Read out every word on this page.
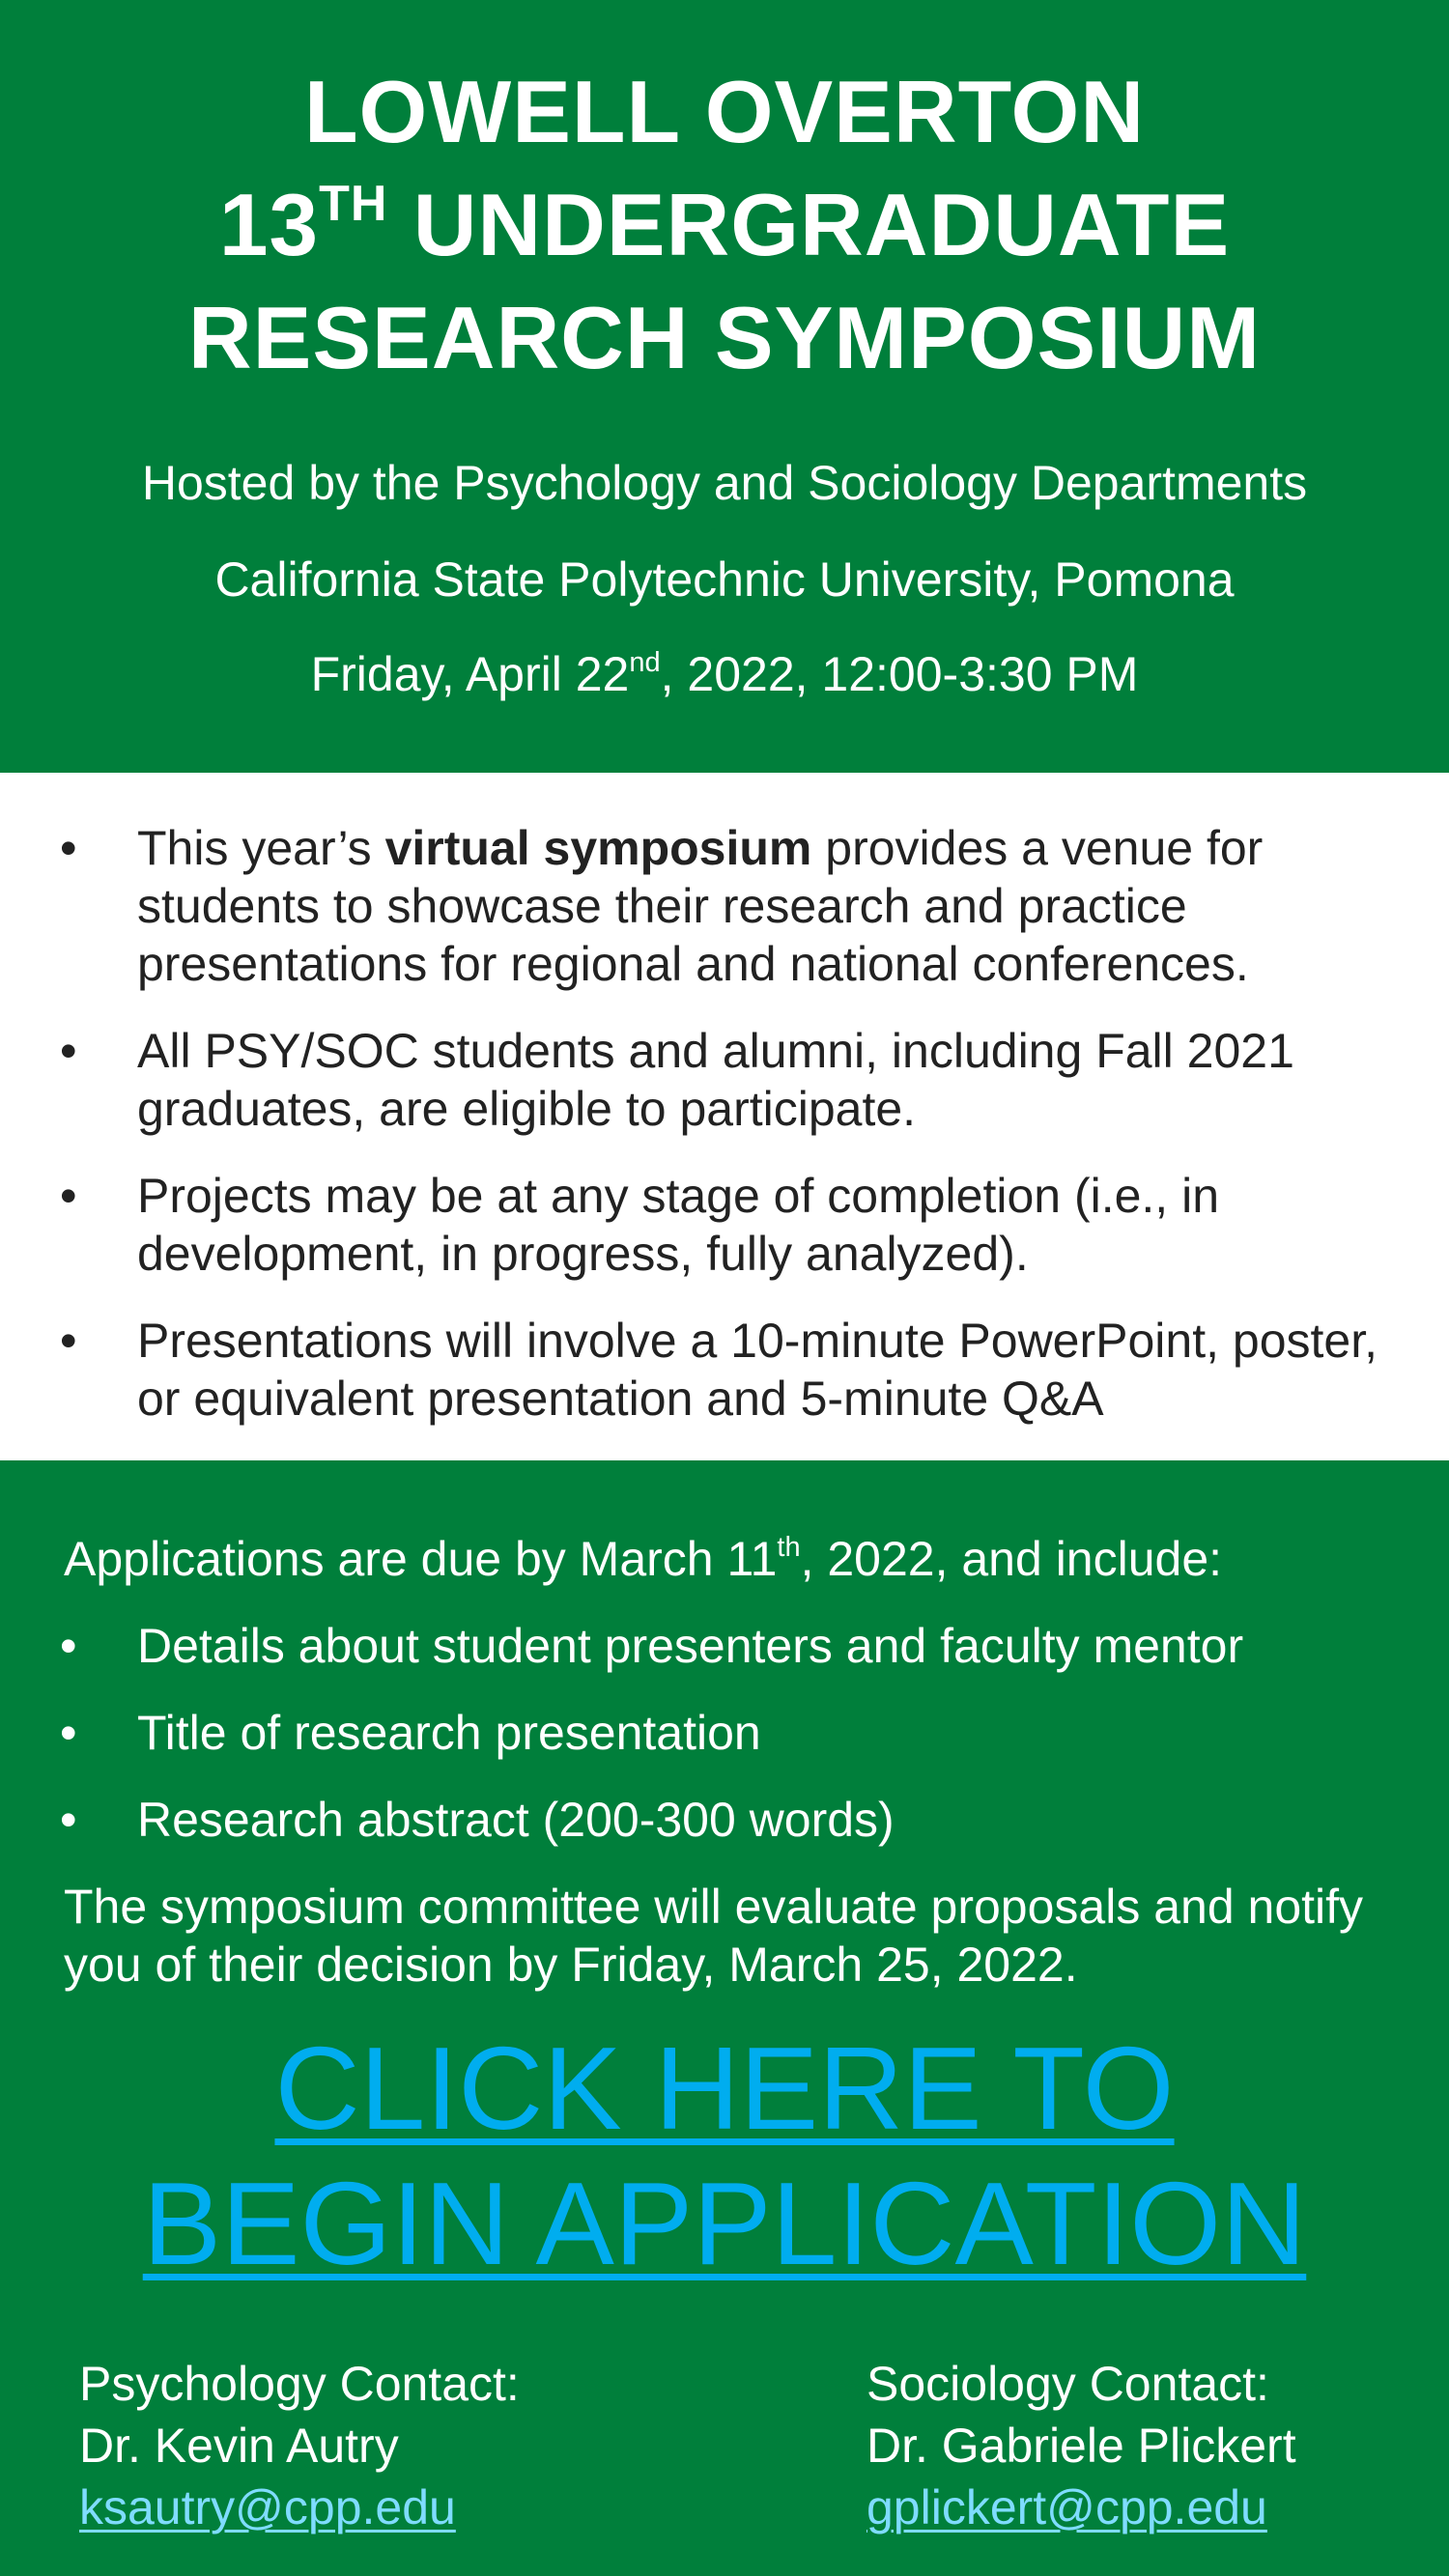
LOWELL OVERTON
13TH UNDERGRADUATE
RESEARCH SYMPOSIUM
Hosted by the Psychology and Sociology Departments
California State Polytechnic University, Pomona
Friday, April 22nd, 2022, 12:00-3:30 PM
• This year’s virtual symposium provides a venue for students to showcase their research and practice presentations for regional and national conferences.
• All PSY/SOC students and alumni, including Fall 2021 graduates, are eligible to participate.
• Projects may be at any stage of completion (i.e., in development, in progress, fully analyzed).
• Presentations will involve a 10-minute PowerPoint, poster, or equivalent presentation and 5-minute Q&A
Applications are due by March 11th, 2022, and include:
• Details about student presenters and faculty mentor
• Title of research presentation
• Research abstract (200-300 words)
The symposium committee will evaluate proposals and notify you of their decision by Friday, March 25, 2022.
CLICK HERE TO
BEGIN APPLICATION
Psychology Contact:
Dr. Kevin Autry
ksautry@cpp.edu
Sociology Contact:
Dr. Gabriele Plickert
gplickert@cpp.edu
